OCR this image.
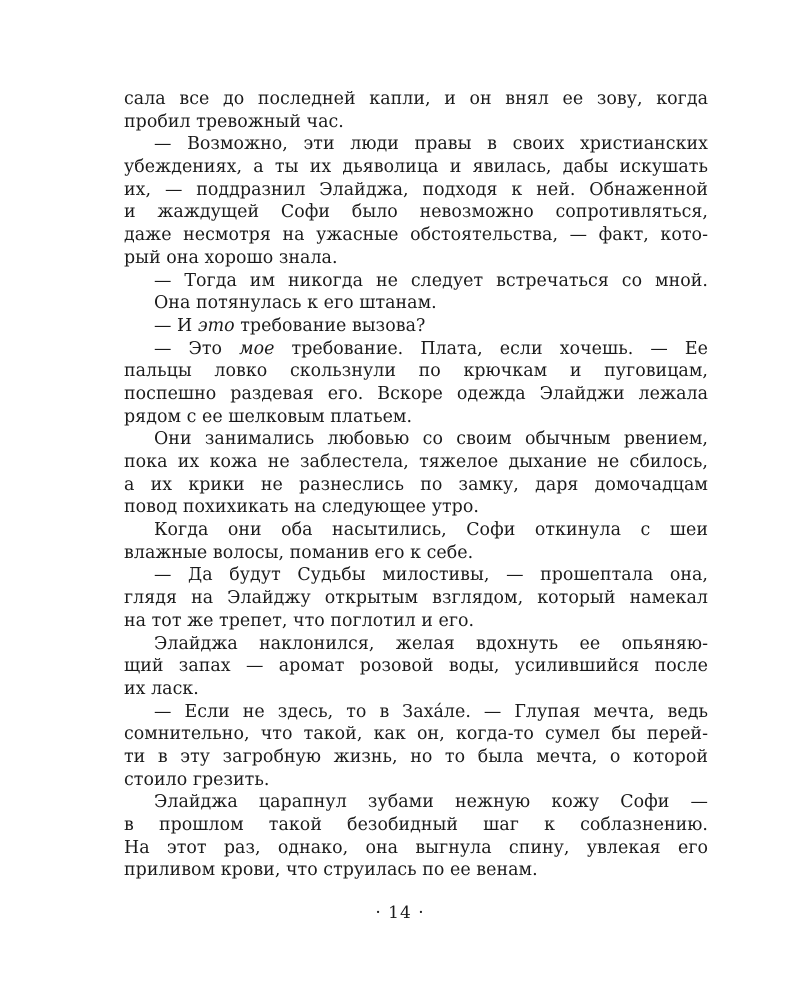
сала все до последней капли, и он внял ее зову, когда
пробил тревожный час.
— Возможно, эти люди правы в своих христианских
убеждениях, а ты их дьяволица и явилась, дабы искушать
их, — поддразнил Элайджа, подходя к ней. Обнаженной
и жаждущей Софи было невозможно сопротивляться,
даже несмотря на ужасные обстоятельства, — факт, кото-
рый она хорошо знала.
— Тогда им никогда не следует встречаться со мной.
Она потянулась к его штанам.
— И это требование вызова?
— Это мое требование. Плата, если хочешь. — Ее
пальцы ловко скользнули по крючкам и пуговицам,
поспешно раздевая его. Вскоре одежда Элайджи лежала
рядом с ее шелковым платьем.
Они занимались любовью со своим обычным рвением,
пока их кожа не заблестела, тяжелое дыхание не сбилось,
а их крики не разнеслись по замку, даря домочадцам
повод похихикать на следующее утро.
Когда они оба насытились, Софи откинула с шеи
влажные волосы, поманив его к себе.
— Да будут Судьбы милостивы, — прошептала она,
глядя на Элайджу открытым взглядом, который намекал
на тот же трепет, что поглотил и его.
Элайджа наклонился, желая вдохнуть ее опьяняю-
щий запах — аромат розовой воды, усилившийся после
их ласк.
— Если не здесь, то в Заха́ле. — Глупая мечта, ведь
сомнительно, что такой, как он, когда-то сумел бы перей-
ти в эту загробную жизнь, но то была мечта, о которой
стоило грезить.
Элайджа царапнул зубами нежную кожу Софи —
в прошлом такой безобидный шаг к соблазнению.
На этот раз, однако, она выгнула спину, увлекая его
приливом крови, что струилась по ее венам.
· 14 ·
